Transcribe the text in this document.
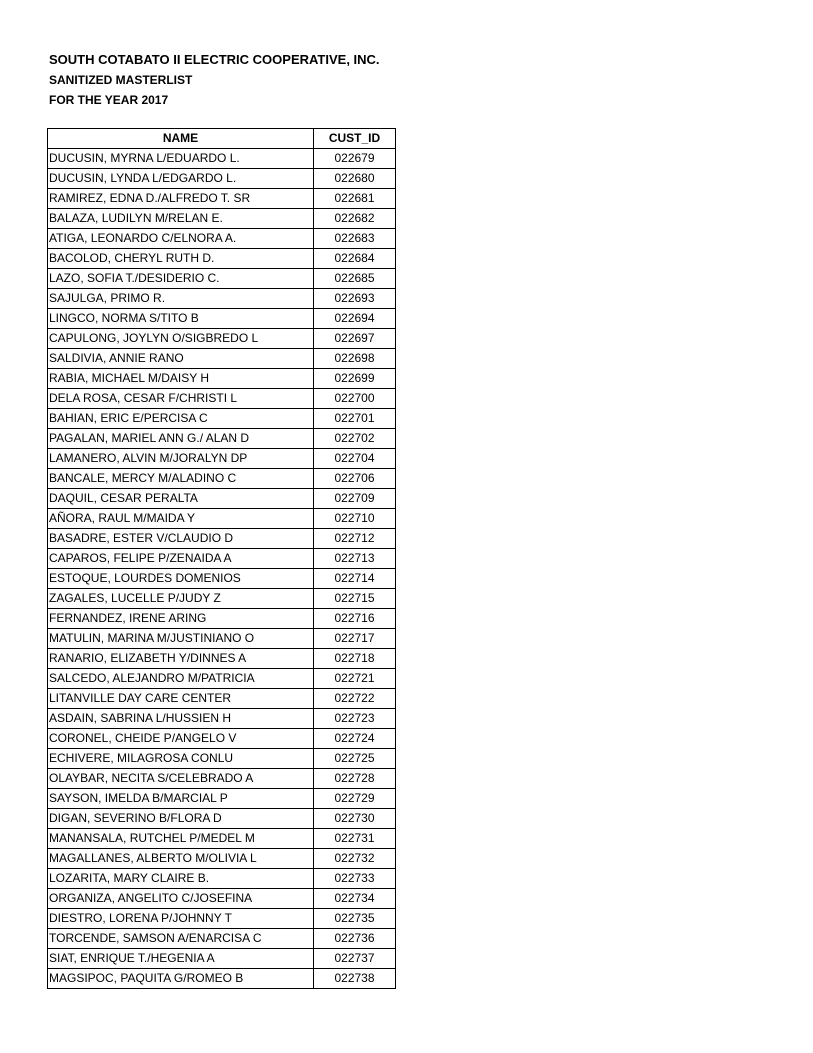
SOUTH COTABATO II ELECTRIC COOPERATIVE, INC.
SANITIZED MASTERLIST
FOR THE YEAR 2017
NAME	CUST_ID
DUCUSIN, MYRNA L/EDUARDO L.	022679
DUCUSIN, LYNDA L/EDGARDO L.	022680
RAMIREZ, EDNA D./ALFREDO T. SR	022681
BALAZA, LUDILYN M/RELAN E.	022682
ATIGA, LEONARDO C/ELNORA A.	022683
BACOLOD, CHERYL RUTH D.	022684
LAZO, SOFIA T./DESIDERIO C.	022685
SAJULGA, PRIMO R.	022693
LINGCO, NORMA S/TITO B	022694
CAPULONG, JOYLYN O/SIGBREDO L	022697
SALDIVIA, ANNIE RANO	022698
RABIA, MICHAEL M/DAISY H	022699
DELA ROSA, CESAR F/CHRISTI L	022700
BAHIAN, ERIC E/PERCISA C	022701
PAGALAN, MARIEL ANN G./ ALAN D	022702
LAMANERO, ALVIN M/JORALYN DP	022704
BANCALE, MERCY M/ALADINO C	022706
DAQUIL, CESAR PERALTA	022709
AÑORA, RAUL M/MAIDA Y	022710
BASADRE, ESTER V/CLAUDIO D	022712
CAPAROS, FELIPE P/ZENAIDA A	022713
ESTOQUE, LOURDES DOMENIOS	022714
ZAGALES, LUCELLE P/JUDY Z	022715
FERNANDEZ, IRENE ARING	022716
MATULIN, MARINA M/JUSTINIANO O	022717
RANARIO, ELIZABETH Y/DINNES A	022718
SALCEDO, ALEJANDRO M/PATRICIA	022721
LITANVILLE DAY CARE CENTER	022722
ASDAIN, SABRINA L/HUSSIEN H	022723
CORONEL, CHEIDE P/ANGELO V	022724
ECHIVERE, MILAGROSA CONLU	022725
OLAYBAR, NECITA S/CELEBRADO A	022728
SAYSON, IMELDA B/MARCIAL P	022729
DIGAN, SEVERINO B/FLORA D	022730
MANANSALA, RUTCHEL P/MEDEL M	022731
MAGALLANES, ALBERTO M/OLIVIA L	022732
LOZARITA, MARY CLAIRE B.	022733
ORGANIZA, ANGELITO C/JOSEFINA	022734
DIESTRO, LORENA P/JOHNNY T	022735
TORCENDE, SAMSON A/ENARCISA C	022736
SIAT, ENRIQUE T./HEGENIA A	022737
MAGSIPOC, PAQUITA G/ROMEO B	022738
